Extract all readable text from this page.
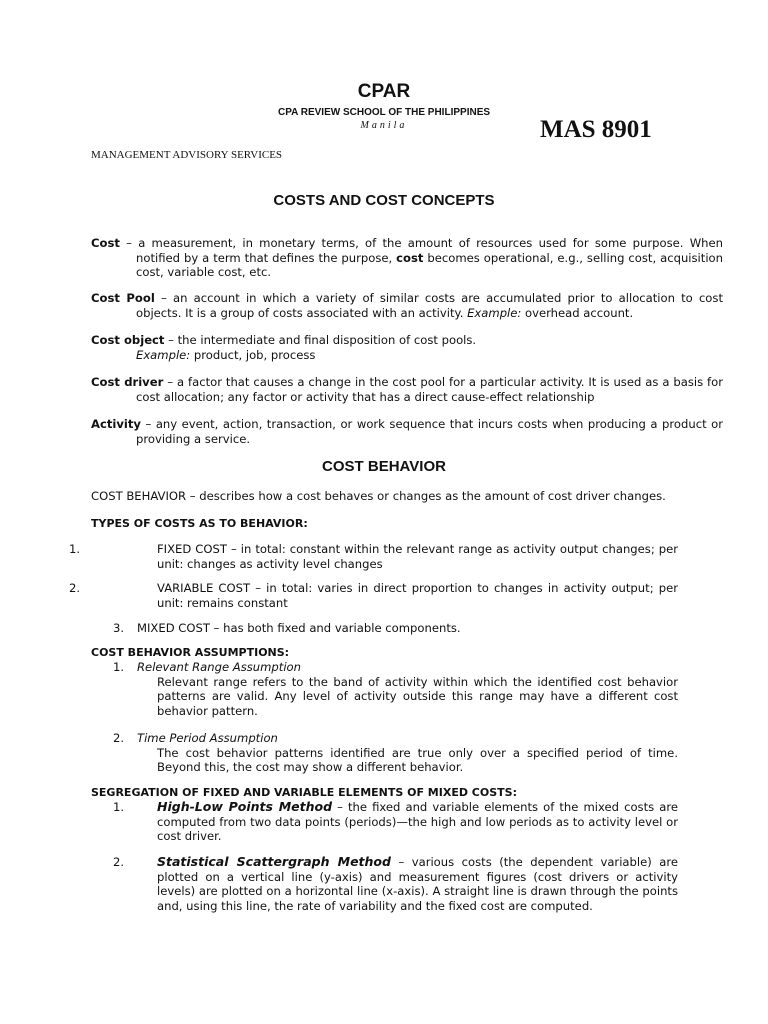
CPAR
CPA REVIEW SCHOOL OF THE PHILIPPINES
Manila	MAS 8901
MANAGEMENT ADVISORY SERVICES
COSTS AND COST CONCEPTS
Cost – a measurement, in monetary terms, of the amount of resources used for some purpose. When notified by a term that defines the purpose, cost becomes operational, e.g., selling cost, acquisition cost, variable cost, etc.
Cost Pool – an account in which a variety of similar costs are accumulated prior to allocation to cost objects. It is a group of costs associated with an activity. Example: overhead account.
Cost object – the intermediate and final disposition of cost pools.
Example: product, job, process
Cost driver – a factor that causes a change in the cost pool for a particular activity. It is used as a basis for cost allocation; any factor or activity that has a direct cause-effect relationship
Activity – any event, action, transaction, or work sequence that incurs costs when producing a product or providing a service.
COST BEHAVIOR
COST BEHAVIOR – describes how a cost behaves or changes as the amount of cost driver changes.
TYPES OF COSTS AS TO BEHAVIOR:
1.	FIXED COST – in total: constant within the relevant range as activity output changes; per unit: changes as activity level changes
2.	VARIABLE COST – in total: varies in direct proportion to changes in activity output; per unit: remains constant
3. MIXED COST – has both fixed and variable components.
COST BEHAVIOR ASSUMPTIONS:
1. Relevant Range Assumption
Relevant range refers to the band of activity within which the identified cost behavior patterns are valid. Any level of activity outside this range may have a different cost behavior pattern.
2. Time Period Assumption
The cost behavior patterns identified are true only over a specified period of time. Beyond this, the cost may show a different behavior.
SEGREGATION OF FIXED AND VARIABLE ELEMENTS OF MIXED COSTS:
1.	High-Low Points Method – the fixed and variable elements of the mixed costs are computed from two data points (periods)—the high and low periods as to activity level or cost driver.
2.	Statistical Scattergraph Method – various costs (the dependent variable) are plotted on a vertical line (y-axis) and measurement figures (cost drivers or activity levels) are plotted on a horizontal line (x-axis). A straight line is drawn through the points and, using this line, the rate of variability and the fixed cost are computed.
